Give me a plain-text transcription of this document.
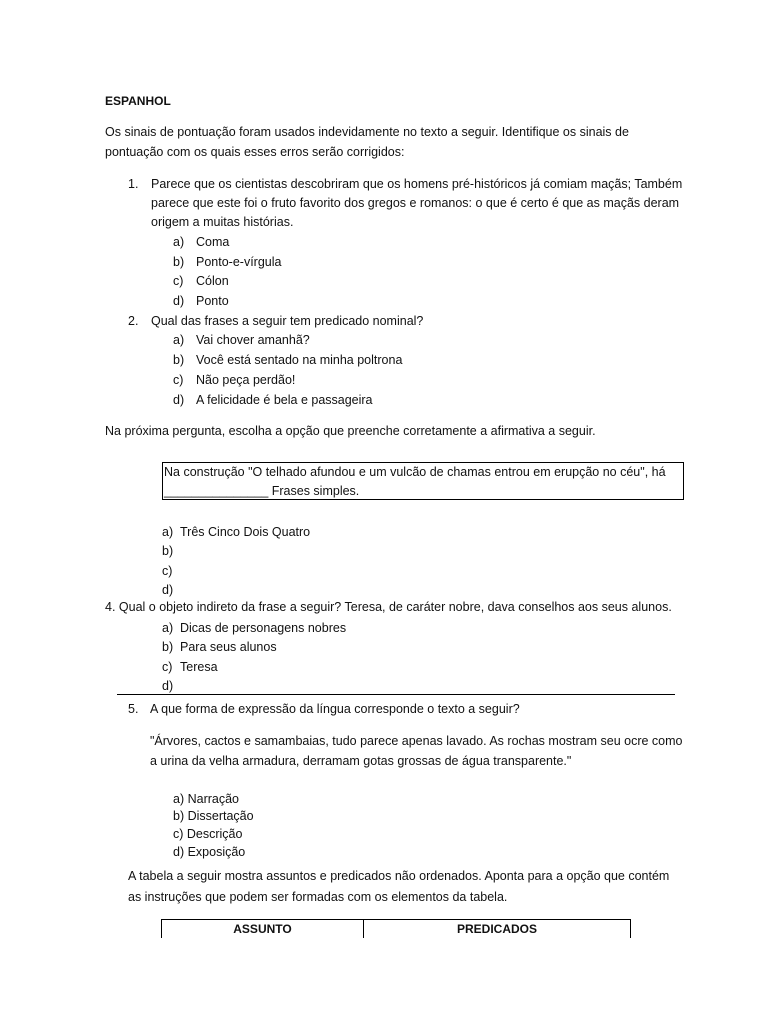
ESPANHOL
Os sinais de pontuação foram usados indevidamente no texto a seguir. Identifique os sinais de
pontuação com os quais esses erros serão corrigidos:
1. Parece que os cientistas descobriram que os homens pré-históricos já comiam maçãs; Também
parece que este foi o fruto favorito dos gregos e romanos: o que é certo é que as maçãs deram
origem a muitas histórias.
a) Coma
b) Ponto-e-vírgula
c) Cólon
d) Ponto
2. Qual das frases a seguir tem predicado nominal?
a) Vai chover amanhã?
b) Você está sentado na minha poltrona
c) Não peça perdão!
d) A felicidade é bela e passageira
Na próxima pergunta, escolha a opção que preenche corretamente a afirmativa a seguir.
Na construção "O telhado afundou e um vulcão de chamas entrou em erupção no céu", há
_______________ Frases simples.
a) Três Cinco Dois Quatro
b)
c)
d)
4. Qual o objeto indireto da frase a seguir? Teresa, de caráter nobre, dava conselhos aos seus alunos.
a) Dicas de personagens nobres
b) Para seus alunos
c) Teresa
d)
5. A que forma de expressão da língua corresponde o texto a seguir?
"Árvores, cactos e samambaias, tudo parece apenas lavado. As rochas mostram seu ocre como
a urina da velha armadura, derramam gotas grossas de água transparente."
a) Narração
b) Dissertação
c) Descrição
d) Exposição
A tabela a seguir mostra assuntos e predicados não ordenados. Aponta para a opção que contém
as instruções que podem ser formadas com os elementos da tabela.
ASSUNTO	PREDICADOS
